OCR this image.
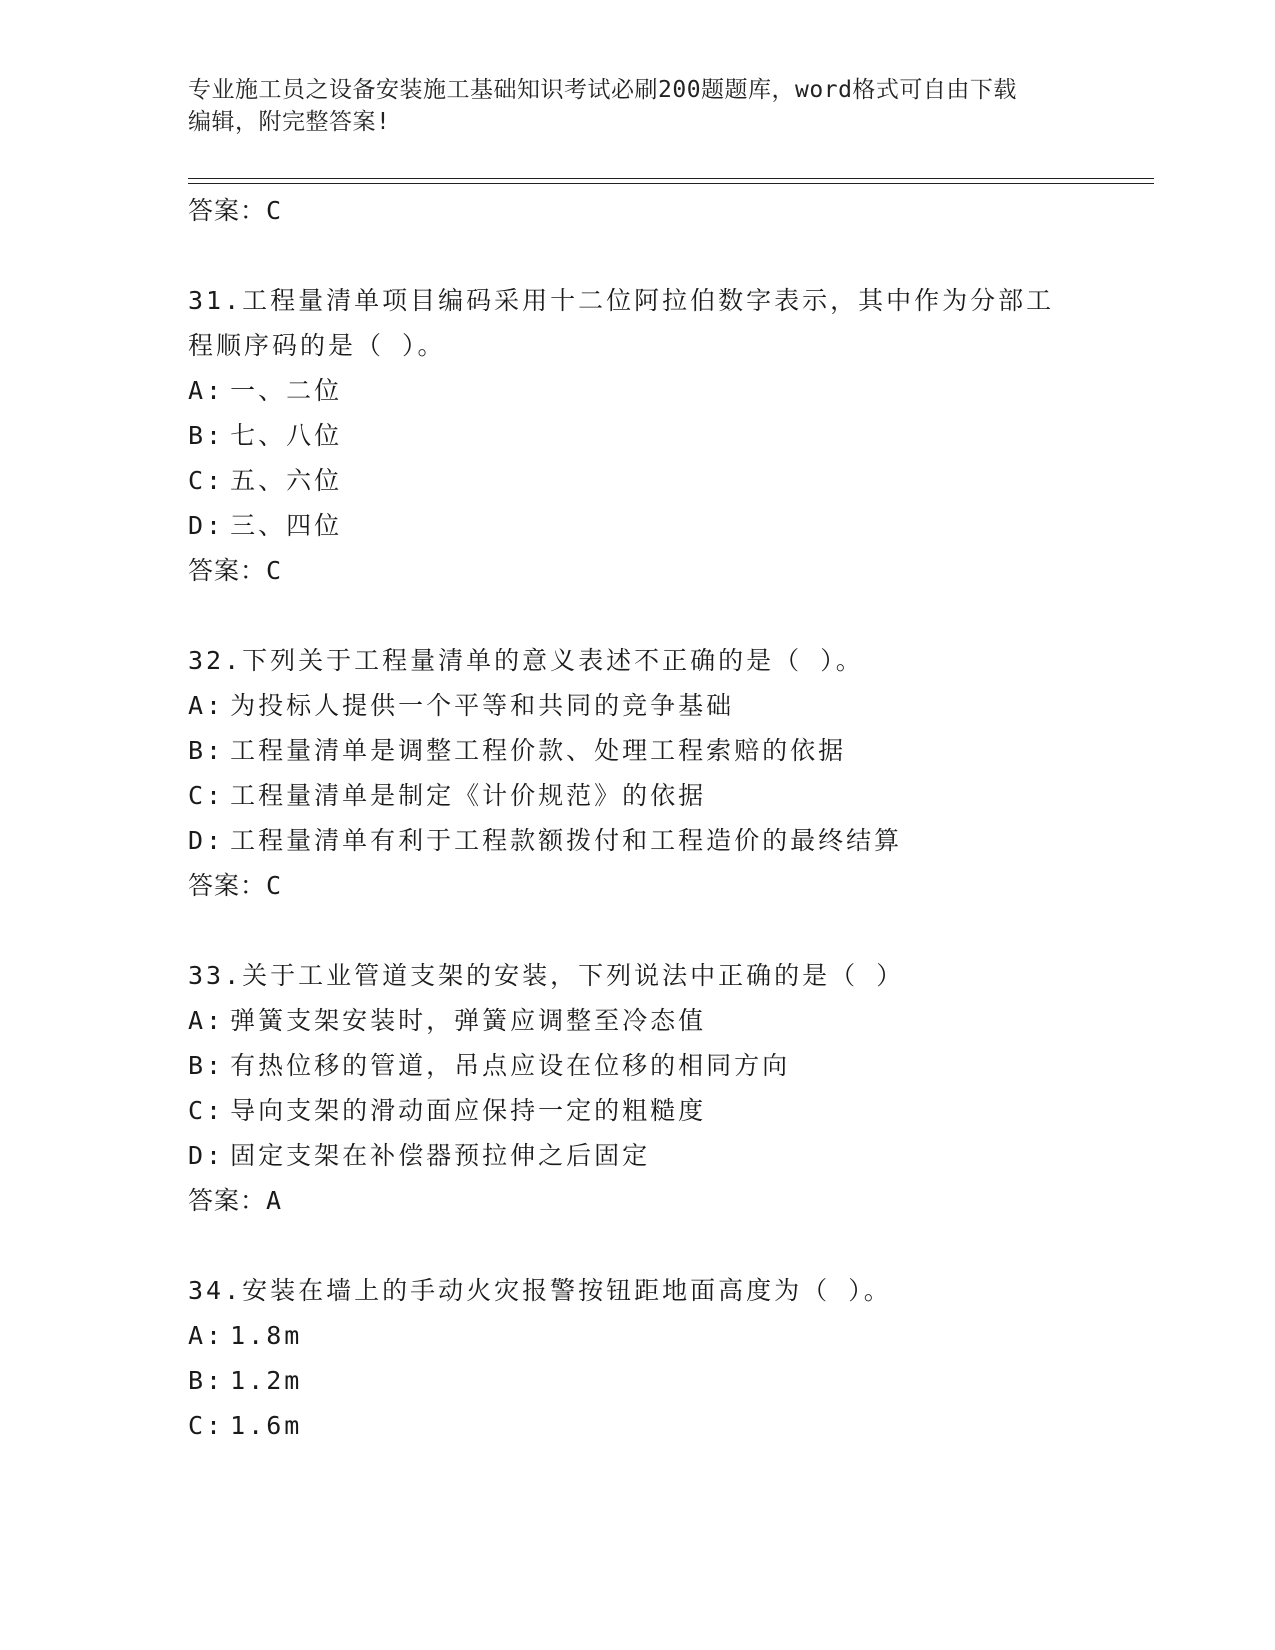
专业施工员之设备安装施工基础知识考试必刷200题题库，word格式可自由下载
编辑，附完整答案!
答案：C
31.工程量清单项目编码采用十二位阿拉伯数字表示，其中作为分部工
程顺序码的是（ ）。
A: 一、二位
B: 七、八位
C: 五、六位
D: 三、四位
答案：C
32.下列关于工程量清单的意义表述不正确的是（ ）。
A: 为投标人提供一个平等和共同的竞争基础
B: 工程量清单是调整工程价款、处理工程索赔的依据
C: 工程量清单是制定《计价规范》的依据
D: 工程量清单有利于工程款额拨付和工程造价的最终结算
答案：C
33.关于工业管道支架的安装，下列说法中正确的是（ ）
A: 弹簧支架安装时，弹簧应调整至冷态值
B: 有热位移的管道，吊点应设在位移的相同方向
C: 导向支架的滑动面应保持一定的粗糙度
D: 固定支架在补偿器预拉伸之后固定
答案：A
34.安装在墙上的手动火灾报警按钮距地面高度为（ ）。
A: 1.8m
B: 1.2m
C: 1.6m
